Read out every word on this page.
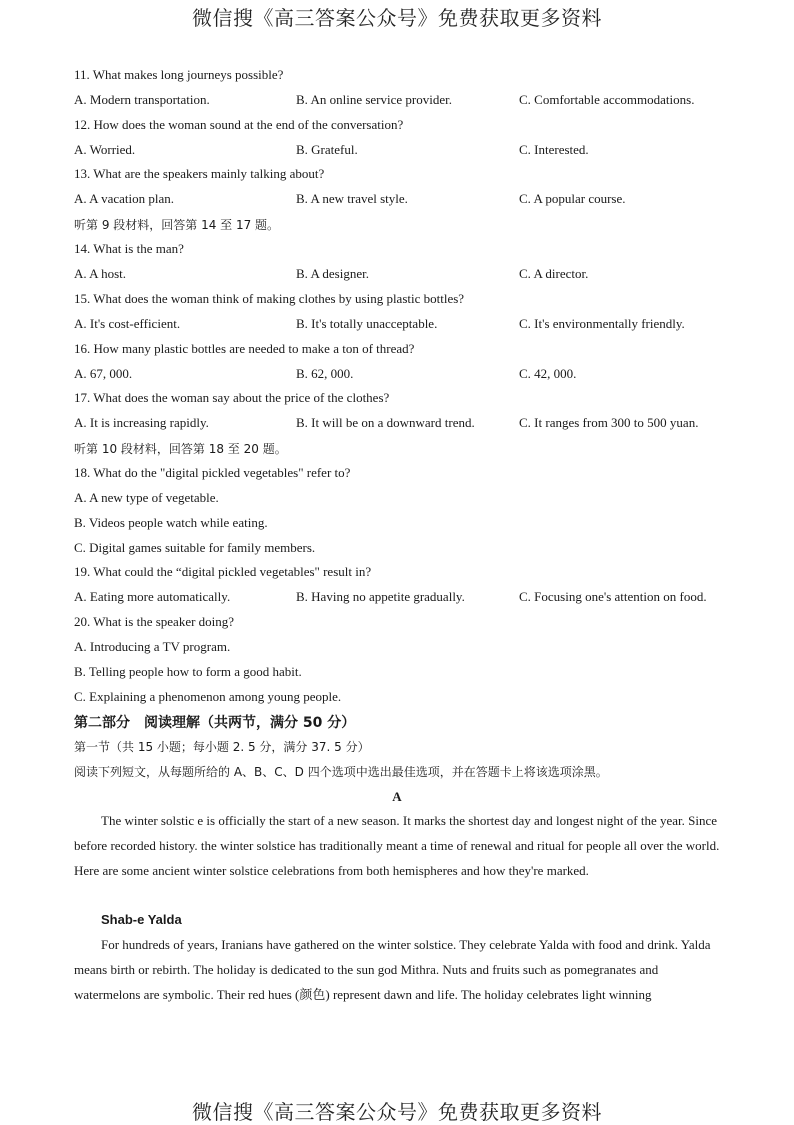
微信搜《高三答案公众号》免费获取更多资料
11. What makes long journeys possible?
A. Modern transportation.	B. An online service provider.	C. Comfortable accommodations.
12. How does the woman sound at the end of the conversation?
A. Worried.	B. Grateful.	C. Interested.
13. What are the speakers mainly talking about?
A. A vacation plan.	B. A new travel style.	C. A popular course.
听第 9 段材料，回答第 14 至 17 题。
14. What is the man?
A. A host.	B. A designer.	C. A director.
15. What does the woman think of making clothes by using plastic bottles?
A. It's cost-efficient.	B. It's totally unacceptable.	C. It's environmentally friendly.
16. How many plastic bottles are needed to make a ton of thread?
A. 67, 000.	B. 62, 000.	C. 42, 000.
17. What does the woman say about the price of the clothes?
A. It is increasing rapidly.	B. It will be on a downward trend.	C. It ranges from 300 to 500 yuan.
听第 10 段材料，回答第 18 至 20 题。
18. What do the "digital pickled vegetables" refer to?
A. A new type of vegetable.
B. Videos people watch while eating.
C. Digital games suitable for family members.
19. What could the “digital pickled vegetables" result in?
A. Eating more automatically.	B. Having no appetite gradually.	C. Focusing one's attention on food.
20. What is the speaker doing?
A. Introducing a TV program.
B. Telling people how to form a good habit.
C. Explaining a phenomenon among young people.
第二部分　阅读理解（共两节，满分 50 分）
第一节（共 15 小题；每小题 2. 5 分，满分 37. 5 分）
阅读下列短文，从每题所给的 A、B、C、D 四个选项中选出最佳选项，并在答题卡上将该选项涂黑。
A

The winter solstic e is officially the start of a new season. It marks the shortest day and longest night of the year. Since before recorded history. the winter solstice has traditionally meant a time of renewal and ritual for people all over the world. Here are some ancient winter solstice celebrations from both hemispheres and how they're marked.

Shab-e Yalda

For hundreds of years, Iranians have gathered on the winter solstice. They celebrate Yalda with food and drink. Yalda means birth or rebirth. The holiday is dedicated to the sun god Mithra. Nuts and fruits such as pomegranates and watermelons are symbolic. Their red hues (颜色) represent dawn and life. The holiday celebrates light winning

微信搜《高三答案公众号》免费获取更多资料
